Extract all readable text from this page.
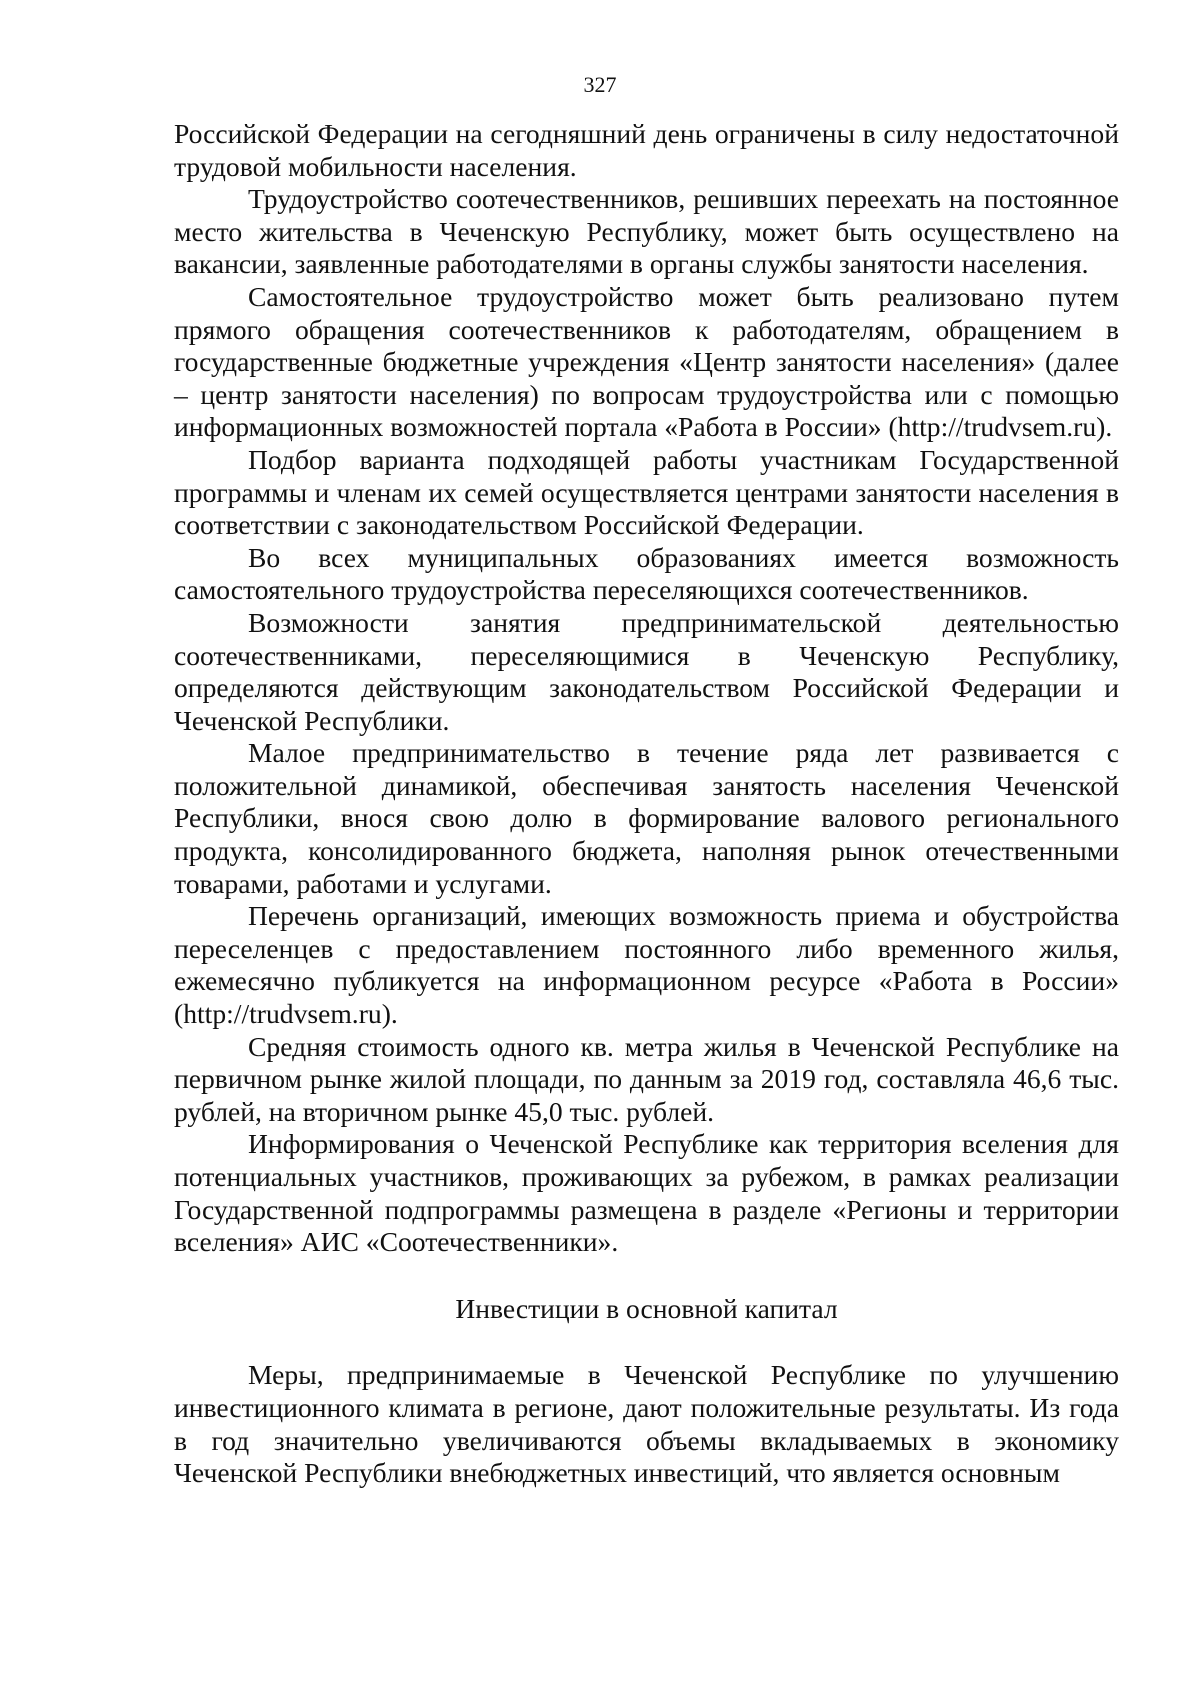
327

Российской Федерации на сегодняшний день ограничены в силу недостаточной трудовой мобильности населения.

Трудоустройство соотечественников, решивших переехать на постоянное место жительства в Чеченскую Республику, может быть осуществлено на вакансии, заявленные работодателями в органы службы занятости населения.

Самостоятельное трудоустройство может быть реализовано путем прямого обращения соотечественников к работодателям, обращением в государственные бюджетные учреждения «Центр занятости населения» (далее – центр занятости населения) по вопросам трудоустройства или с помощью информационных возможностей портала «Работа в России» (http://trudvsem.ru).

Подбор варианта подходящей работы участникам Государственной программы и членам их семей осуществляется центрами занятости населения в соответствии с законодательством Российской Федерации.

Во всех муниципальных образованиях имеется возможность самостоятельного трудоустройства переселяющихся соотечественников.

Возможности занятия предпринимательской деятельностью соотечественниками, переселяющимися в Чеченскую Республику, определяются действующим законодательством Российской Федерации и Чеченской Республики.

Малое предпринимательство в течение ряда лет развивается с положительной динамикой, обеспечивая занятость населения Чеченской Республики, внося свою долю в формирование валового регионального продукта, консолидированного бюджета, наполняя рынок отечественными товарами, работами и услугами.

Перечень организаций, имеющих возможность приема и обустройства переселенцев с предоставлением постоянного либо временного жилья, ежемесячно публикуется на информационном ресурсе «Работа в России» (http://trudvsem.ru).

Средняя стоимость одного кв. метра жилья в Чеченской Республике на первичном рынке жилой площади, по данным за 2019 год, составляла 46,6 тыс. рублей, на вторичном рынке 45,0 тыс. рублей.

Информирования о Чеченской Республике как территория вселения для потенциальных участников, проживающих за рубежом, в рамках реализации Государственной подпрограммы размещена в разделе «Регионы и территории вселения» АИС «Соотечественники».

Инвестиции в основной капитал

Меры, предпринимаемые в Чеченской Республике по улучшению инвестиционного климата в регионе, дают положительные результаты. Из года в год значительно увеличиваются объемы вкладываемых в экономику Чеченской Республики внебюджетных инвестиций, что является основным
